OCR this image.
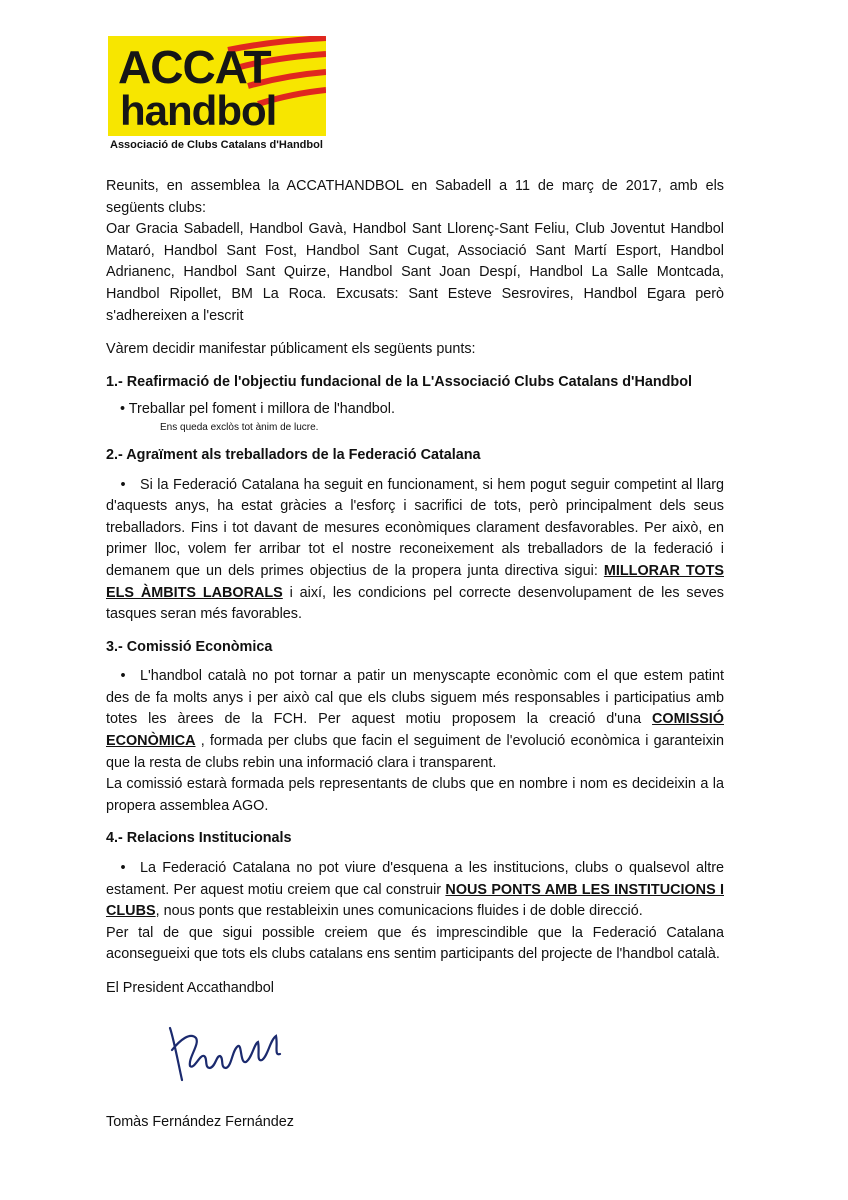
ACCAT
handbol
Associació de Clubs Catalans d'Handbol

Reunits, en assemblea la ACCATHANDBOL en Sabadell a 11 de març de 2017, amb els següents clubs:

Oar Gracia Sabadell, Handbol Gavà, Handbol Sant Llorenç-Sant Feliu, Club Joventut Handbol Mataró, Handbol Sant Fost, Handbol Sant Cugat, Associació Sant Martí Esport, Handbol Adrianenc, Handbol Sant Quirze, Handbol Sant Joan Despí, Handbol La Salle Montcada, Handbol Ripollet, BM La Roca. Excusats: Sant Esteve Sesrovires, Handbol Egara però s'adhereixen a l'escrit

Vàrem decidir manifestar públicament els següents punts:

1.- Reafirmació de l'objectiu fundacional de la L'Associació Clubs Catalans d'Handbol
• Treballar pel foment i millora de l'handbol.
Ens queda exclòs tot ànim de lucre.
2.- Agraïment als treballadors de la Federació Catalana

• Si la Federació Catalana ha seguit en funcionament, si hem pogut seguir competint al llarg d'aquests anys, ha estat gràcies a l'esforç i sacrifici de tots, però principalment dels seus treballadors. Fins i tot davant de mesures econòmiques clarament desfavorables. Per això, en primer lloc, volem fer arribar tot el nostre reconeixement als treballadors de la federació i demanem que un dels primes objectius de la propera junta directiva sigui: MILLORAR TOTS ELS ÀMBITS LABORALS i així, les condicions pel correcte desenvolupament de les seves tasques seran més favorables.

3.- Comissió Econòmica

• L'handbol català no pot tornar a patir un menyscapte econòmic com el que estem patint des de fa molts anys i per això cal que els clubs siguem més responsables i participatius amb totes les àrees de la FCH. Per aquest motiu proposem la creació d'una COMISSIÓ ECONÒMICA , formada per clubs que facin el seguiment de l'evolució econòmica i garanteixin que la resta de clubs rebin una informació clara i transparent.

La comissió estarà formada pels representants de clubs que en nombre i nom es decideixin a la propera assemblea AGO.

4.- Relacions Institucionals

• La Federació Catalana no pot viure d'esquena a les institucions, clubs o qualsevol altre estament. Per aquest motiu creiem que cal construir NOUS PONTS AMB LES INSTITUCIONS I CLUBS, nous ponts que restableixin unes comunicacions fluides i de doble direcció.

Per tal de que sigui possible creiem que és imprescindible que la Federació Catalana aconsegueixi que tots els clubs catalans ens sentim participants del projecte de l'handbol català.

El President Accathandbol

Tomàs Fernández Fernández
